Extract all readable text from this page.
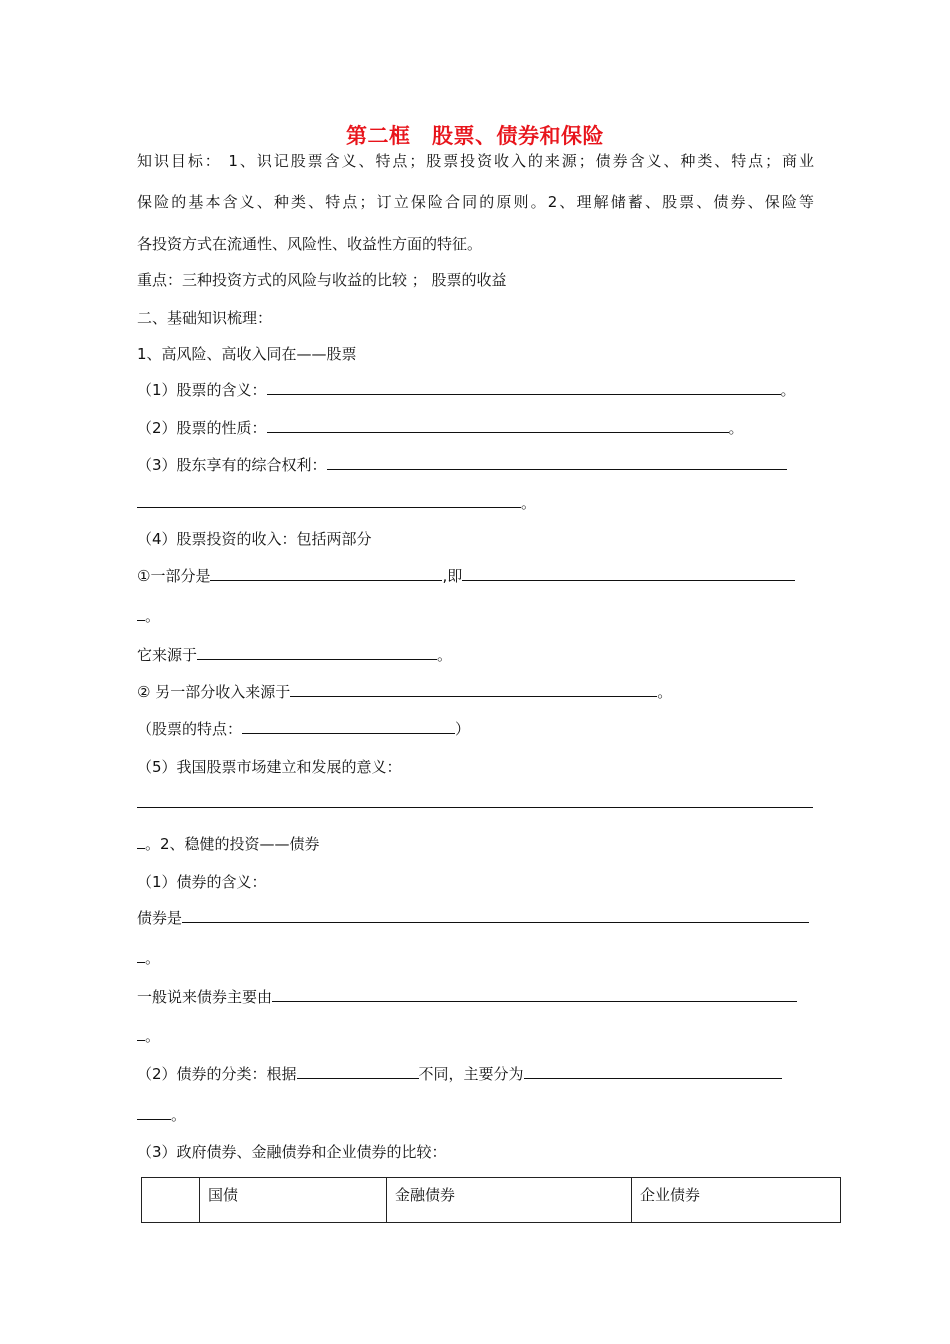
第二框　股票、债券和保险
知识目标： 1、识记股票含义、特点；股票投资收入的来源；债券含义、种类、特点；商业
保险的基本含义、种类、特点；订立保险合同的原则。2、理解储蓄、股票、债券、保险等
各投资方式在流通性、风险性、收益性方面的特征。
重点：三种投资方式的风险与收益的比较 ； 股票的收益
二、基础知识梳理：
1、高风险、高收入同在——股票
（1）股票的含义：	。
（2）股票的性质：	。
（3）股东享有的综合权利：
。
（4）股票投资的收入：包括两部分
①一部分是	,即
。
它来源于	。
② 另一部分收入来源于	。
（股票的特点：	）
（5）我国股票市场建立和发展的意义：
。2、稳健的投资——债券
（1）债券的含义：
债券是
。
一般说来债券主要由
。
（2）债券的分类：根据	不同，主要分为
。
（3）政府债券、金融债券和企业债券的比较：
	国债	金融债券	企业债券
